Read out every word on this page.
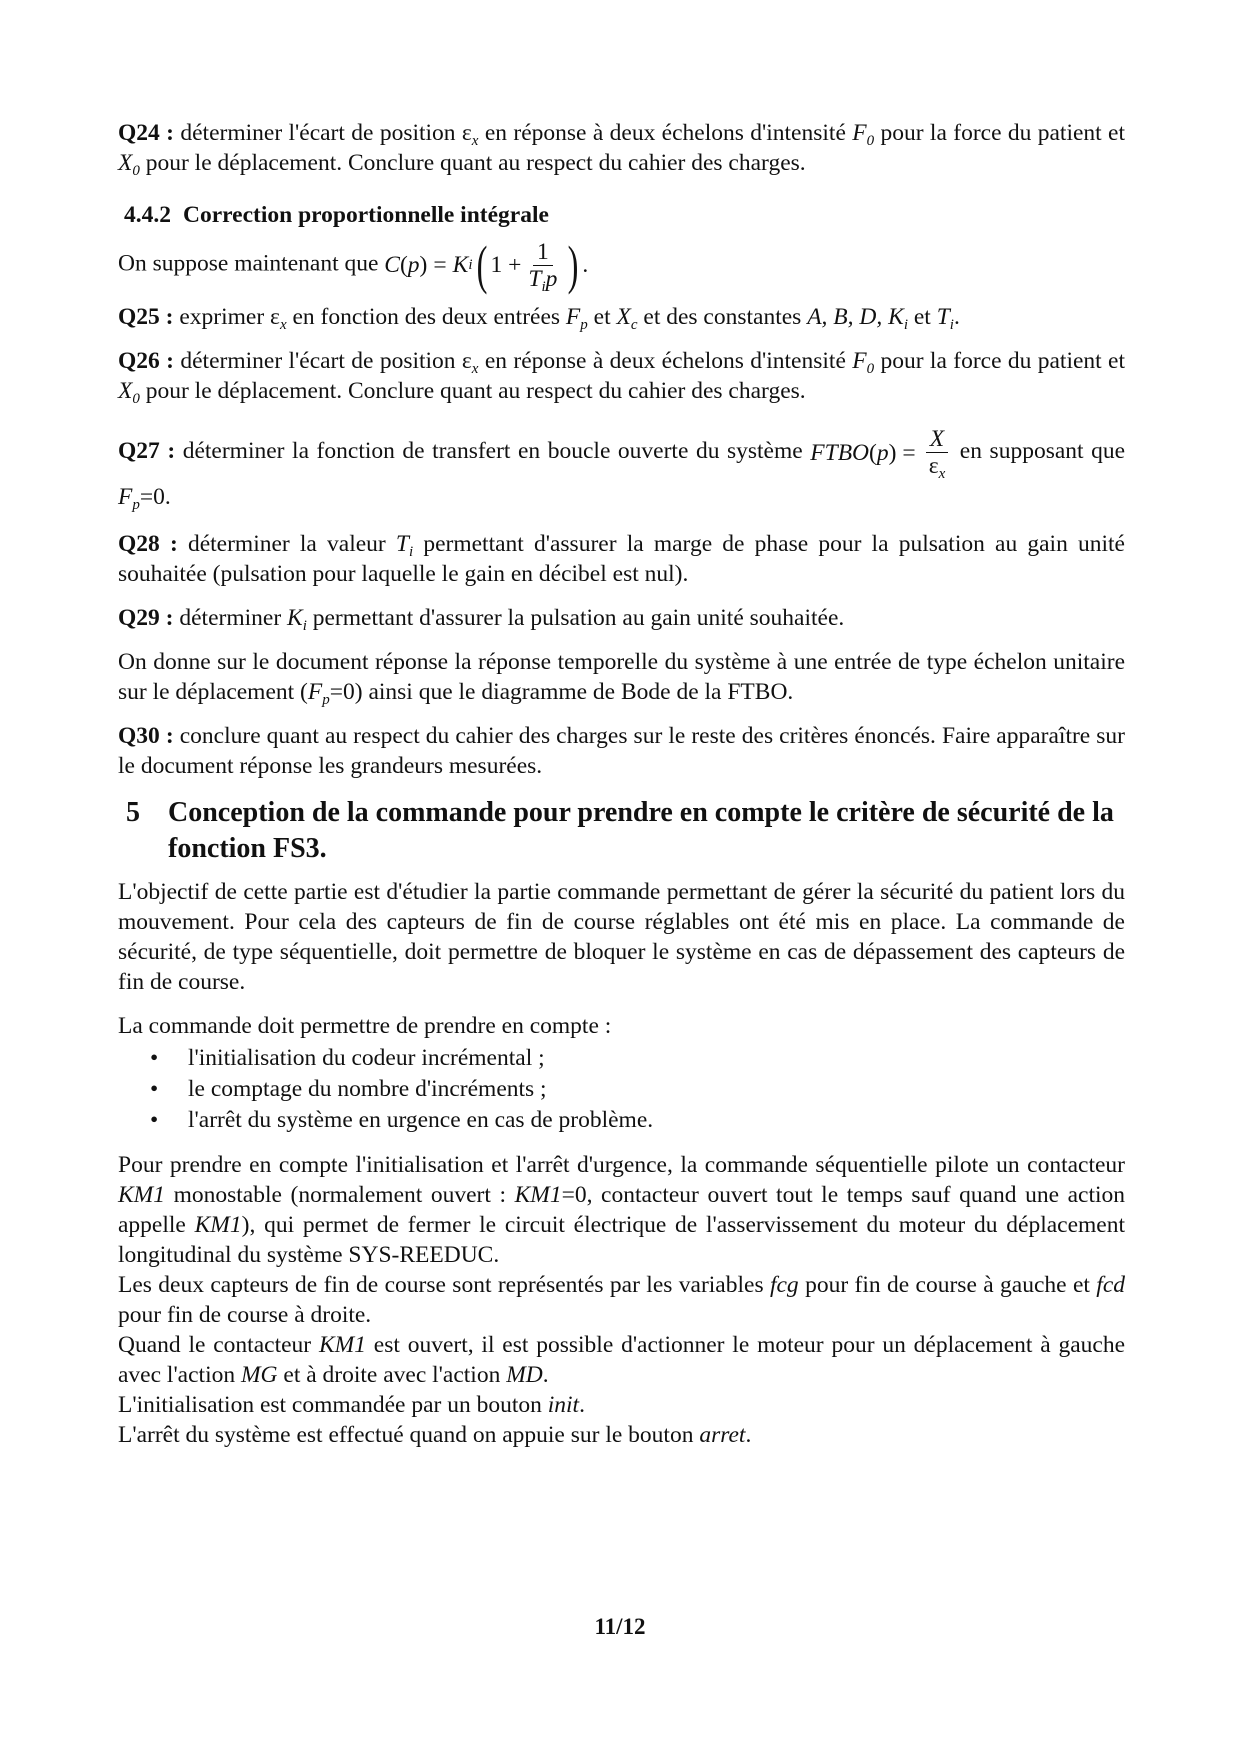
Q24 : déterminer l'écart de position $\varepsilon_x$ en réponse à deux échelons d'intensité $F_0$ pour la force du patient et $X_0$ pour le déplacement. Conclure quant au respect du cahier des charges.

4.4.2 Correction proportionnelle intégrale

On suppose maintenant que C ( p ) = K i ( $1 + \frac{1}{T_ip}$ ) .

Q25 : exprimer $\varepsilon_x$ en fonction des deux entrées $F_p$ et $X_c$ et des constantes A, B, D, $K_i$ et $T_i$.

Q26 : déterminer l'écart de position $\varepsilon_x$ en réponse à deux échelons d'intensité $F_0$ pour la force du patient et $X_0$ pour le déplacement. Conclure quant au respect du cahier des charges.

Q27 : déterminer la fonction de transfert en boucle ouverte du système FTBO ( p ) = $\frac{X}{\varepsilon_x}$ en supposant que $F_p=0$.

Q28 : déterminer la valeur $T_i$ permettant d'assurer la marge de phase pour la pulsation au gain unité souhaitée (pulsation pour laquelle le gain en décibel est nul).

Q29 : déterminer $K_i$ permettant d'assurer la pulsation au gain unité souhaitée.

On donne sur le document réponse la réponse temporelle du système à une entrée de type échelon unitaire sur le déplacement $(F_p=0)$ ainsi que le diagramme de Bode de la FTBO.

Q30 : conclure quant au respect du cahier des charges sur le reste des critères énoncés. Faire apparaître sur le document réponse les grandeurs mesurées.

5	Conception de la commande pour prendre en compte le critère de sécurité de la fonction FS3.

L'objectif de cette partie est d'étudier la partie commande permettant de gérer la sécurité du patient lors du mouvement. Pour cela des capteurs de fin de course réglables ont été mis en place. La commande de sécurité, de type séquentielle, doit permettre de bloquer le système en cas de dépassement des capteurs de fin de course.

La commande doit permettre de prendre en compte :

• l'initialisation du codeur incrémental ;
• le comptage du nombre d'incréments ;
• l'arrêt du système en urgence en cas de problème.

Pour prendre en compte l'initialisation et l'arrêt d'urgence, la commande séquentielle pilote un contacteur KM1 monostable (normalement ouvert : KM1=0, contacteur ouvert tout le temps sauf quand une action appelle KM1), qui permet de fermer le circuit électrique de l'asservissement du moteur du déplacement longitudinal du système SYS-REEDUC.

Les deux capteurs de fin de course sont représentés par les variables fcg pour fin de course à gauche et fcd pour fin de course à droite.

Quand le contacteur KM1 est ouvert, il est possible d'actionner le moteur pour un déplacement à gauche avec l'action MG et à droite avec l'action MD.

L'initialisation est commandée par un bouton init.

L'arrêt du système est effectué quand on appuie sur le bouton arret.

11/12
